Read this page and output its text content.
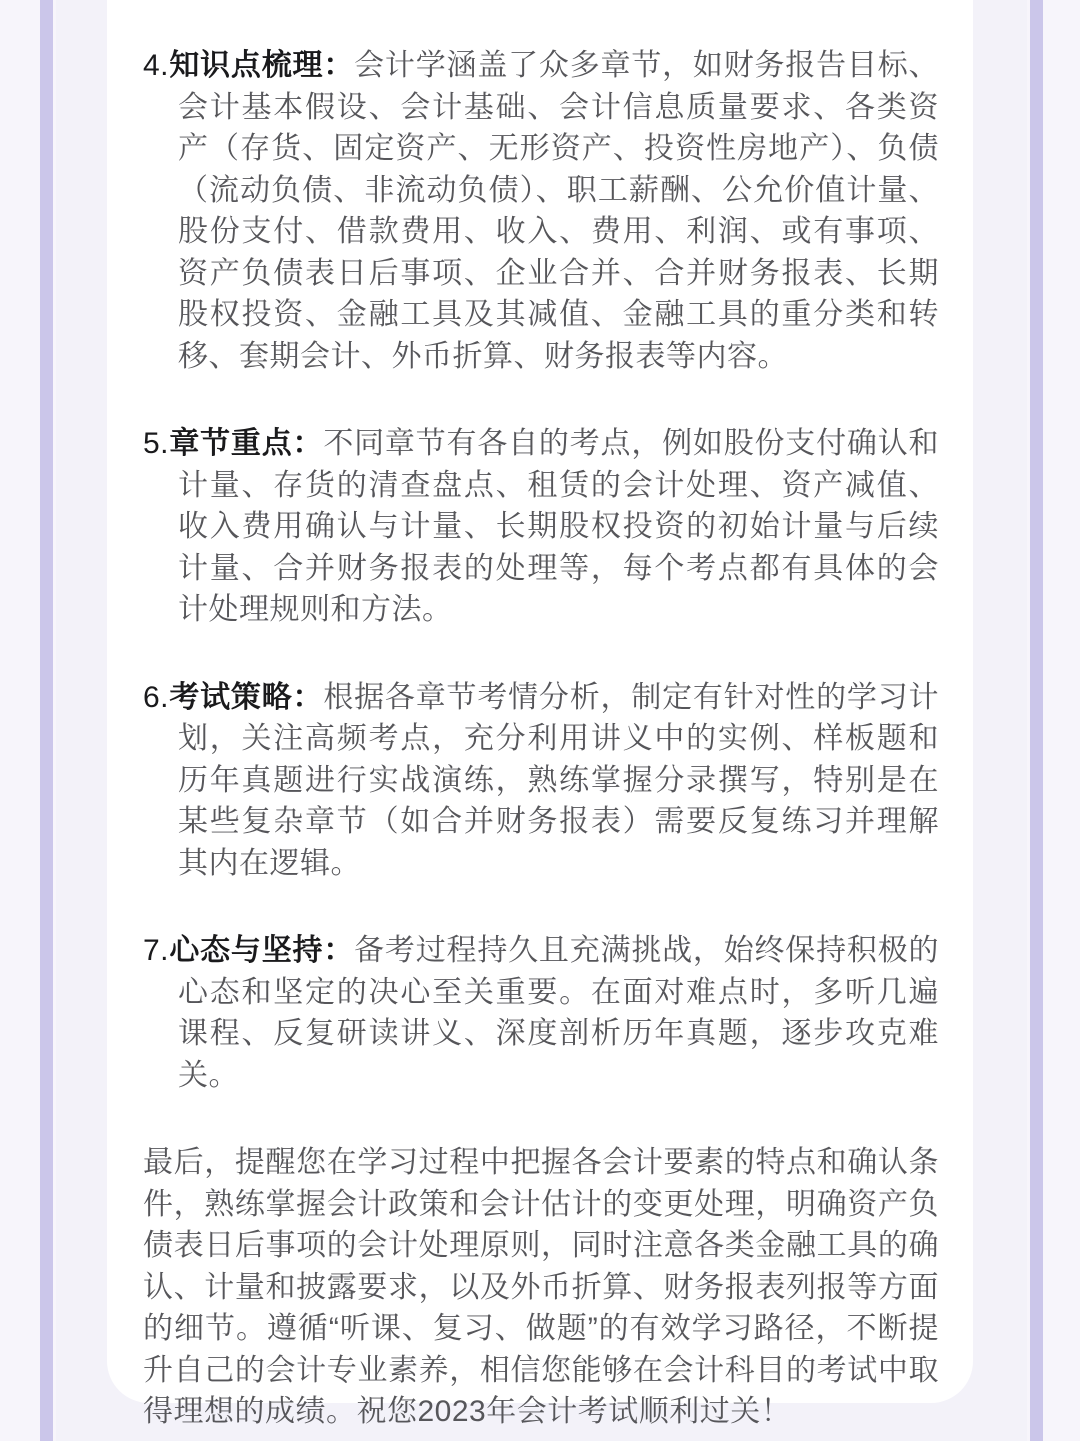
4.知识点梳理：会计学涵盖了众多章节，如财务报告目标、会计基本假设、会计基础、会计信息质量要求、各类资产（存货、固定资产、无形资产、投资性房地产）、负债（流动负债、非流动负债）、职工薪酬、公允价值计量、股份支付、借款费用、收入、费用、利润、或有事项、资产负债表日后事项、企业合并、合并财务报表、长期股权投资、金融工具及其减值、金融工具的重分类和转移、套期会计、外币折算、财务报表等内容。

5.章节重点：不同章节有各自的考点，例如股份支付确认和计量、存货的清查盘点、租赁的会计处理、资产减值、收入费用确认与计量、长期股权投资的初始计量与后续计量、合并财务报表的处理等，每个考点都有具体的会计处理规则和方法。

6.考试策略：根据各章节考情分析，制定有针对性的学习计划，关注高频考点，充分利用讲义中的实例、样板题和历年真题进行实战演练，熟练掌握分录撰写，特别是在某些复杂章节（如合并财务报表）需要反复练习并理解其内在逻辑。

7.心态与坚持：备考过程持久且充满挑战，始终保持积极的心态和坚定的决心至关重要。在面对难点时，多听几遍课程、反复研读讲义、深度剖析历年真题，逐步攻克难关。

最后，提醒您在学习过程中把握各会计要素的特点和确认条件，熟练掌握会计政策和会计估计的变更处理，明确资产负债表日后事项的会计处理原则，同时注意各类金融工具的确认、计量和披露要求，以及外币折算、财务报表列报等方面的细节。遵循“听课、复习、做题”的有效学习路径，不断提升自己的会计专业素养，相信您能够在会计科目的考试中取得理想的成绩。祝您2023年会计考试顺利过关！
